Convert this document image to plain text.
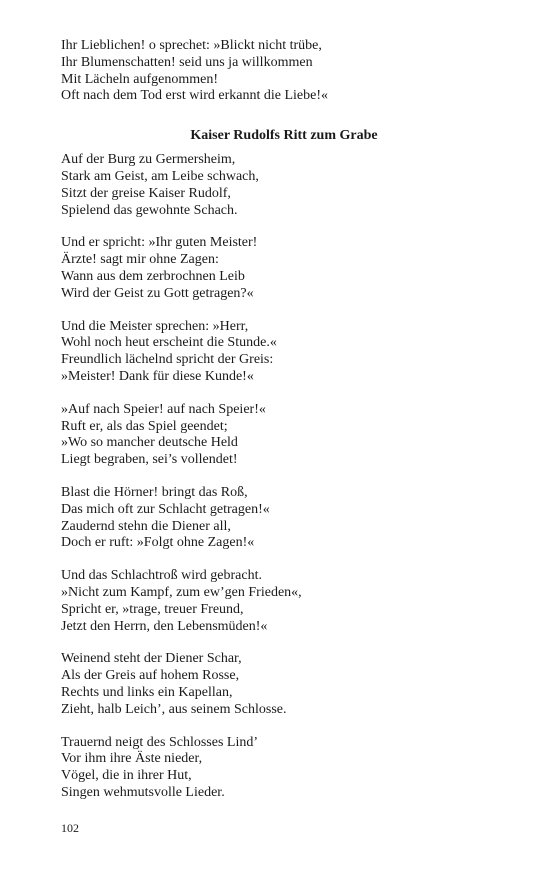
Ihr Lieblichen! o sprechet: »Blickt nicht trübe,
Ihr Blumenschatten! seid uns ja willkommen
Mit Lächeln aufgenommen!
Oft nach dem Tod erst wird erkannt die Liebe!«
Kaiser Rudolfs Ritt zum Grabe
Auf der Burg zu Germersheim,
Stark am Geist, am Leibe schwach,
Sitzt der greise Kaiser Rudolf,
Spielend das gewohnte Schach.
Und er spricht: »Ihr guten Meister!
Ärzte! sagt mir ohne Zagen:
Wann aus dem zerbrochnen Leib
Wird der Geist zu Gott getragen?«
Und die Meister sprechen: »Herr,
Wohl noch heut erscheint die Stunde.«
Freundlich lächelnd spricht der Greis:
»Meister! Dank für diese Kunde!«
»Auf nach Speier! auf nach Speier!«
Ruft er, als das Spiel geendet;
»Wo so mancher deutsche Held
Liegt begraben, sei’s vollendet!
Blast die Hörner! bringt das Roß,
Das mich oft zur Schlacht getragen!«
Zaudernd stehn die Diener all,
Doch er ruft: »Folgt ohne Zagen!«
Und das Schlachtroß wird gebracht.
»Nicht zum Kampf, zum ew’gen Frieden«,
Spricht er, »trage, treuer Freund,
Jetzt den Herrn, den Lebensmüden!«
Weinend steht der Diener Schar,
Als der Greis auf hohem Rosse,
Rechts und links ein Kapellan,
Zieht, halb Leich’, aus seinem Schlosse.
Trauernd neigt des Schlosses Lind’
Vor ihm ihre Äste nieder,
Vögel, die in ihrer Hut,
Singen wehmutsvolle Lieder.
102
